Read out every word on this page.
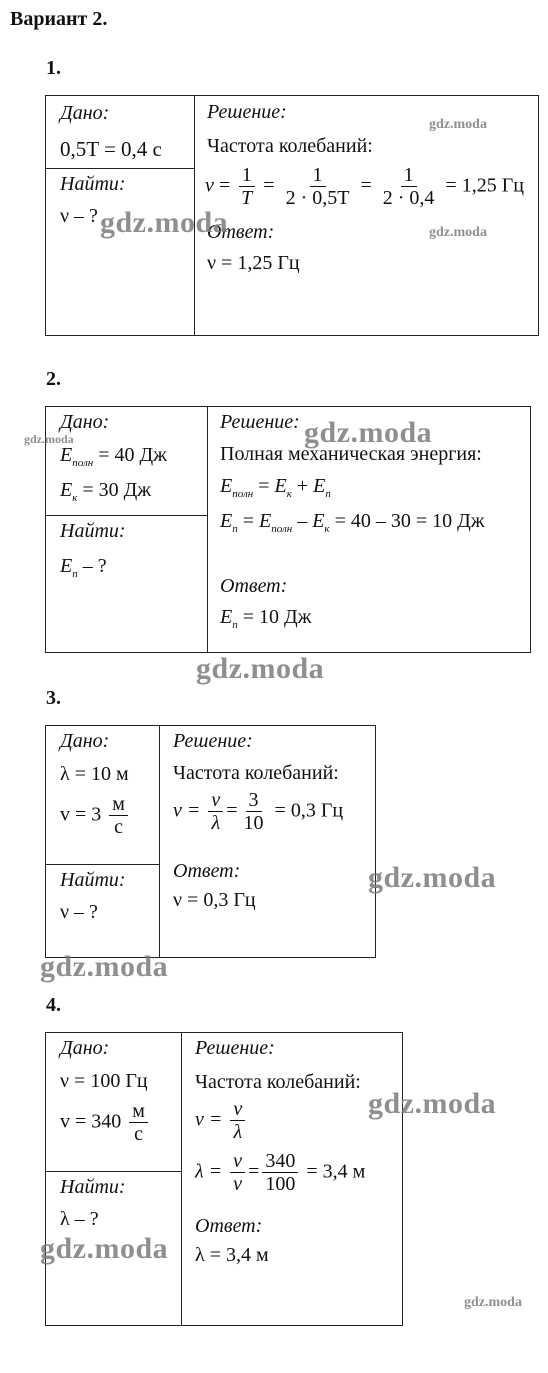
Вариант 2.
1.
Дано:
0,5T = 0,4 с

Решение:
Частота колебаний:
$\nu = \frac{1}{T} = \frac{1}{2 \cdot 0,5T} = \frac{1}{2 \cdot 0,4} = 1,25$ Гц
Ответ:
ν = 1,25 Гц

Найти:
ν – ?
2.
Дано:
$E_{полн} = 40$ Дж
$E_к = 30$ Дж

Решение:
Полная механическая энергия:
$E_{полн} = E_к + E_п$
$E_п = E_{полн} - E_к = 40 - 30 = 10$ Дж
Ответ:
$E_п = 10$ Дж

Найти:
$E_п$ – ?
3.
Дано:
λ = 10 м
$v = 3 \frac{м}{с}$

Решение:
Частота колебаний:
$\nu = \frac{v}{\lambda} = \frac{3}{10} = 0,3$ Гц
Ответ:
ν = 0,3 Гц

Найти:
ν – ?
4.
Дано:
ν = 100 Гц
$v = 340 \frac{м}{с}$

Решение:
Частота колебаний:
$\nu = \frac{v}{\lambda}$
$\lambda = \frac{v}{\nu} = \frac{340}{100} = 3,4$ м
Ответ:
λ = 3,4 м

Найти:
λ – ?
gdz.moda
gdz.moda	gdz.moda
gdz.moda	gdz.moda
gdz.moda
gdz.moda
gdz.moda
gdz.moda
gdz.moda
gdz.moda
